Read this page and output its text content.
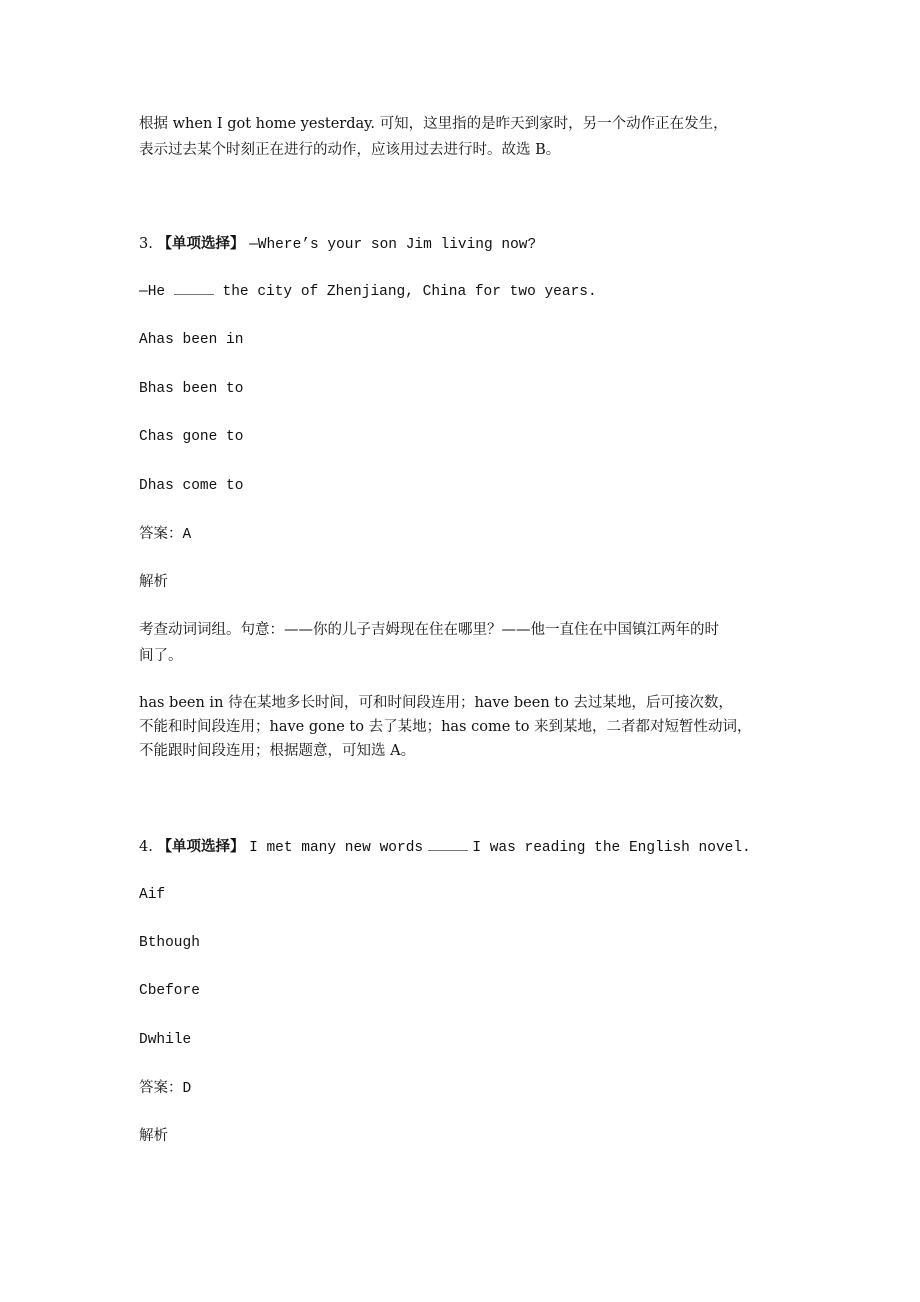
根据 when I got home yesterday. 可知，这里指的是昨天到家时，另一个动作正在发生，
表示过去某个时刻正在进行的动作，应该用过去进行时。故选 B。
3. 【单项选择】 —Where’s your son Jim living now?
—He	the city of Zhenjiang, China for two years.
Ahas been in
Bhas been to
Chas gone to
Dhas come to
答案：A
解析
考查动词词组。句意：——你的儿子吉姆现在住在哪里？——他一直住在中国镇江两年的时
间了。
has been in 待在某地多长时间，可和时间段连用；have been to 去过某地，后可接次数，
不能和时间段连用；have gone to 去了某地；has come to 来到某地，二者都对短暂性动词，
不能跟时间段连用；根据题意，可知选 A。
4. 【单项选择】 I met many new words	I was reading the English novel.
Aif
Bthough
Cbefore
Dwhile
答案：D
解析
